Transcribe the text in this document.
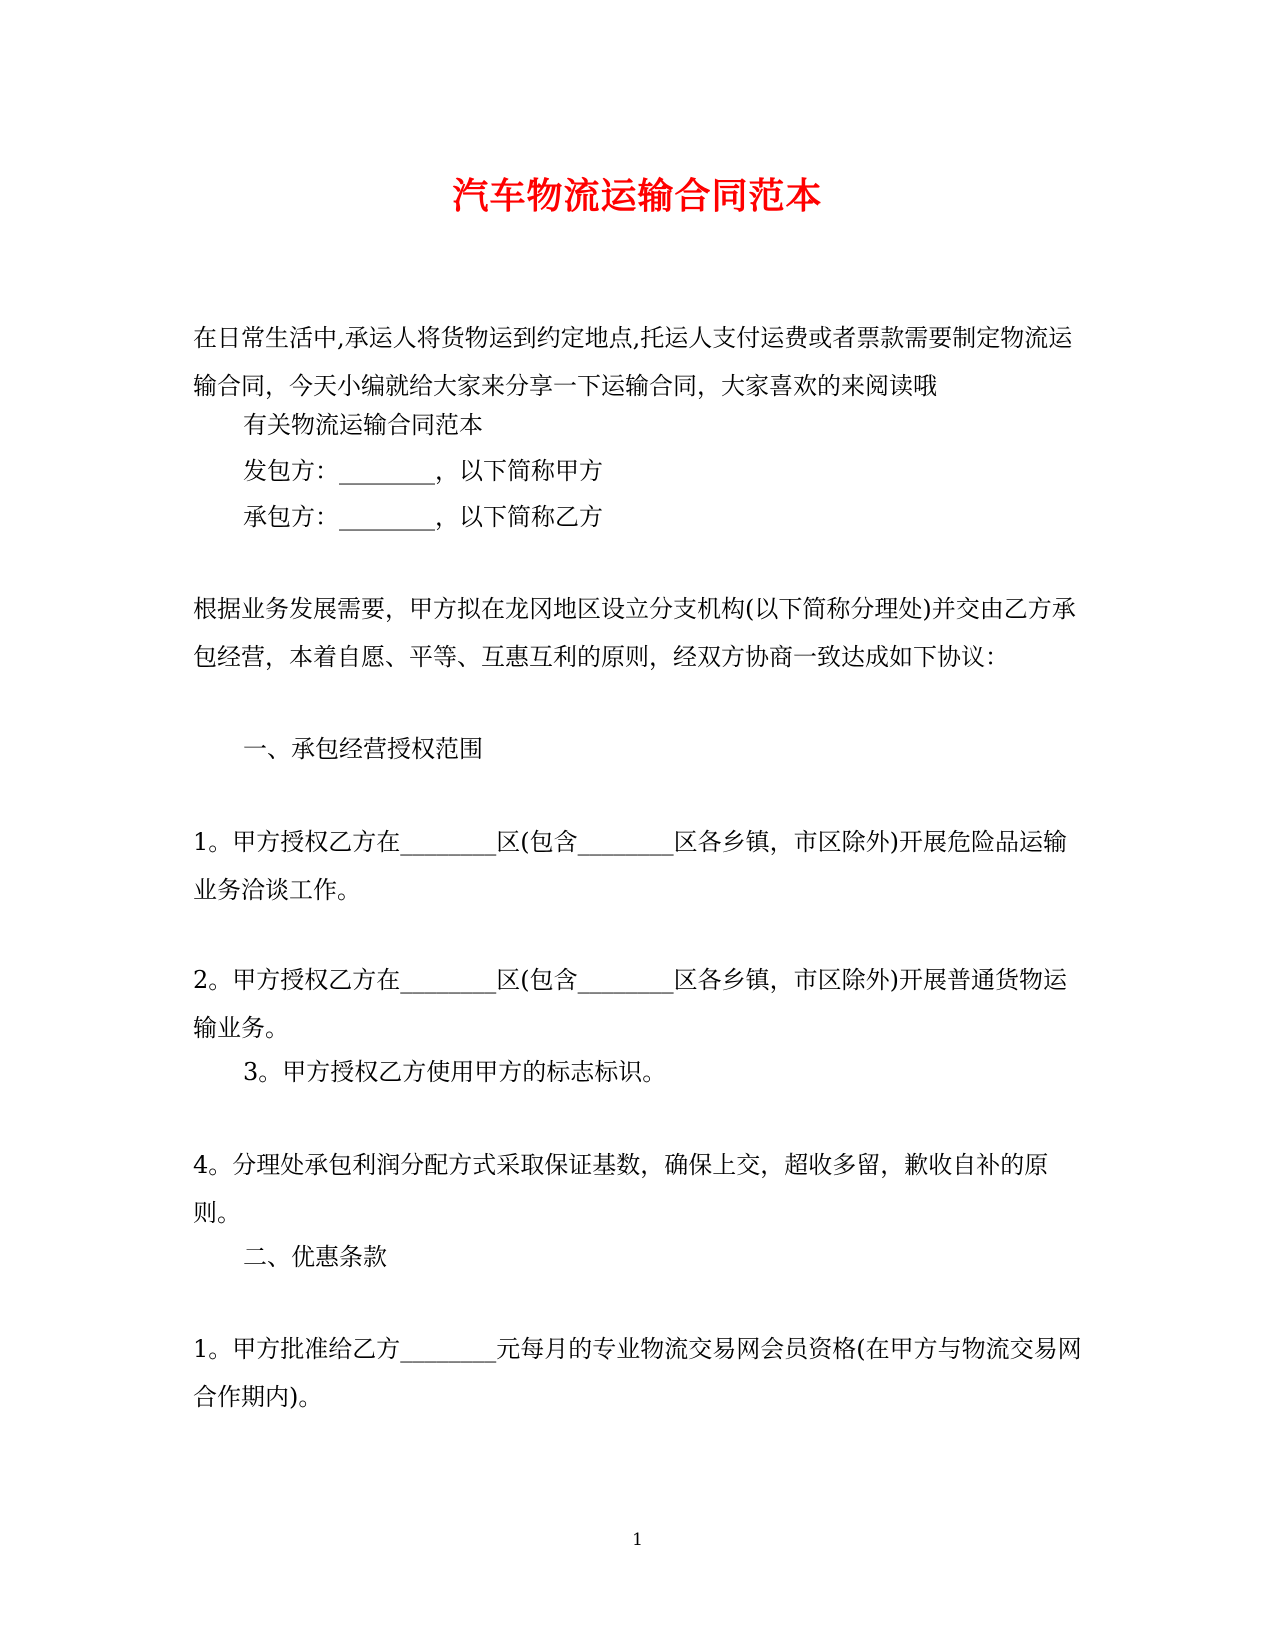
汽车物流运输合同范本

在日常生活中,承运人将货物运到约定地点,托运人支付运费或者票款需要制定物流运输合同，今天小编就给大家来分享一下运输合同，大家喜欢的来阅读哦

有关物流运输合同范本

发包方：________，以下简称甲方

承包方：________，以下简称乙方

根据业务发展需要，甲方拟在龙冈地区设立分支机构(以下简称分理处)并交由乙方承包经营，本着自愿、平等、互惠互利的原则，经双方协商一致达成如下协议：

一、承包经营授权范围

1。甲方授权乙方在________区(包含________区各乡镇，市区除外)开展危险品运输业务洽谈工作。

2。甲方授权乙方在________区(包含________区各乡镇，市区除外)开展普通货物运输业务。

3。甲方授权乙方使用甲方的标志标识。

4。分理处承包利润分配方式采取保证基数，确保上交，超收多留，歉收自补的原则。

二、优惠条款

1。甲方批准给乙方________元每月的专业物流交易网会员资格(在甲方与物流交易网合作期内)。

1
